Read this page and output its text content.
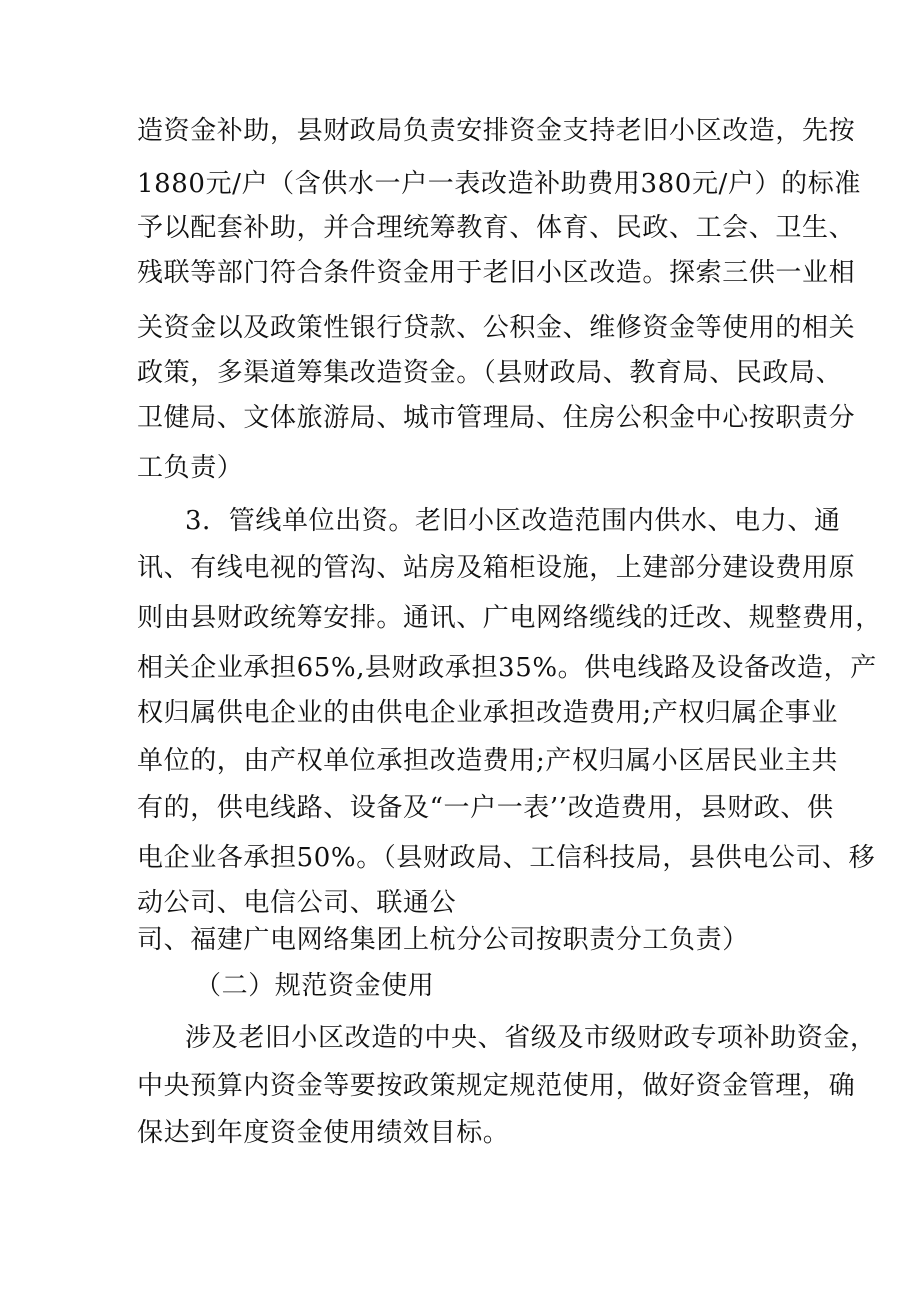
造资金补助，县财政局负责安排资金支持老旧小区改造，先按
1880元/户（含供水一户一表改造补助费用380元/户）的标准
予以配套补助，并合理统筹教育、体育、民政、工会、卫生、
残联等部门符合条件资金用于老旧小区改造。探索三供一业相
关资金以及政策性银行贷款、公积金、维修资金等使用的相关
政策，多渠道筹集改造资金。（县财政局、教育局、民政局、
卫健局、文体旅游局、城市管理局、住房公积金中心按职责分
工负责）
3．管线单位出资。老旧小区改造范围内供水、电力、通
讯、有线电视的管沟、站房及箱柜设施，上建部分建设费用原
则由县财政统筹安排。通讯、广电网络缆线的迁改、规整费用，
相关企业承担65%,县财政承担35%。供电线路及设备改造，产
权归属供电企业的由供电企业承担改造费用;产权归属企事业
单位的，由产权单位承担改造费用;产权归属小区居民业主共
有的，供电线路、设备及“一户一表’’改造费用，县财政、供
电企业各承担50%。（县财政局、工信科技局，县供电公司、移
动公司、电信公司、联通公
司、福建广电网络集团上杭分公司按职责分工负责）
（二）规范资金使用
涉及老旧小区改造的中央、省级及市级财政专项补助资金，
中央预算内资金等要按政策规定规范使用，做好资金管理，确
保达到年度资金使用绩效目标。
